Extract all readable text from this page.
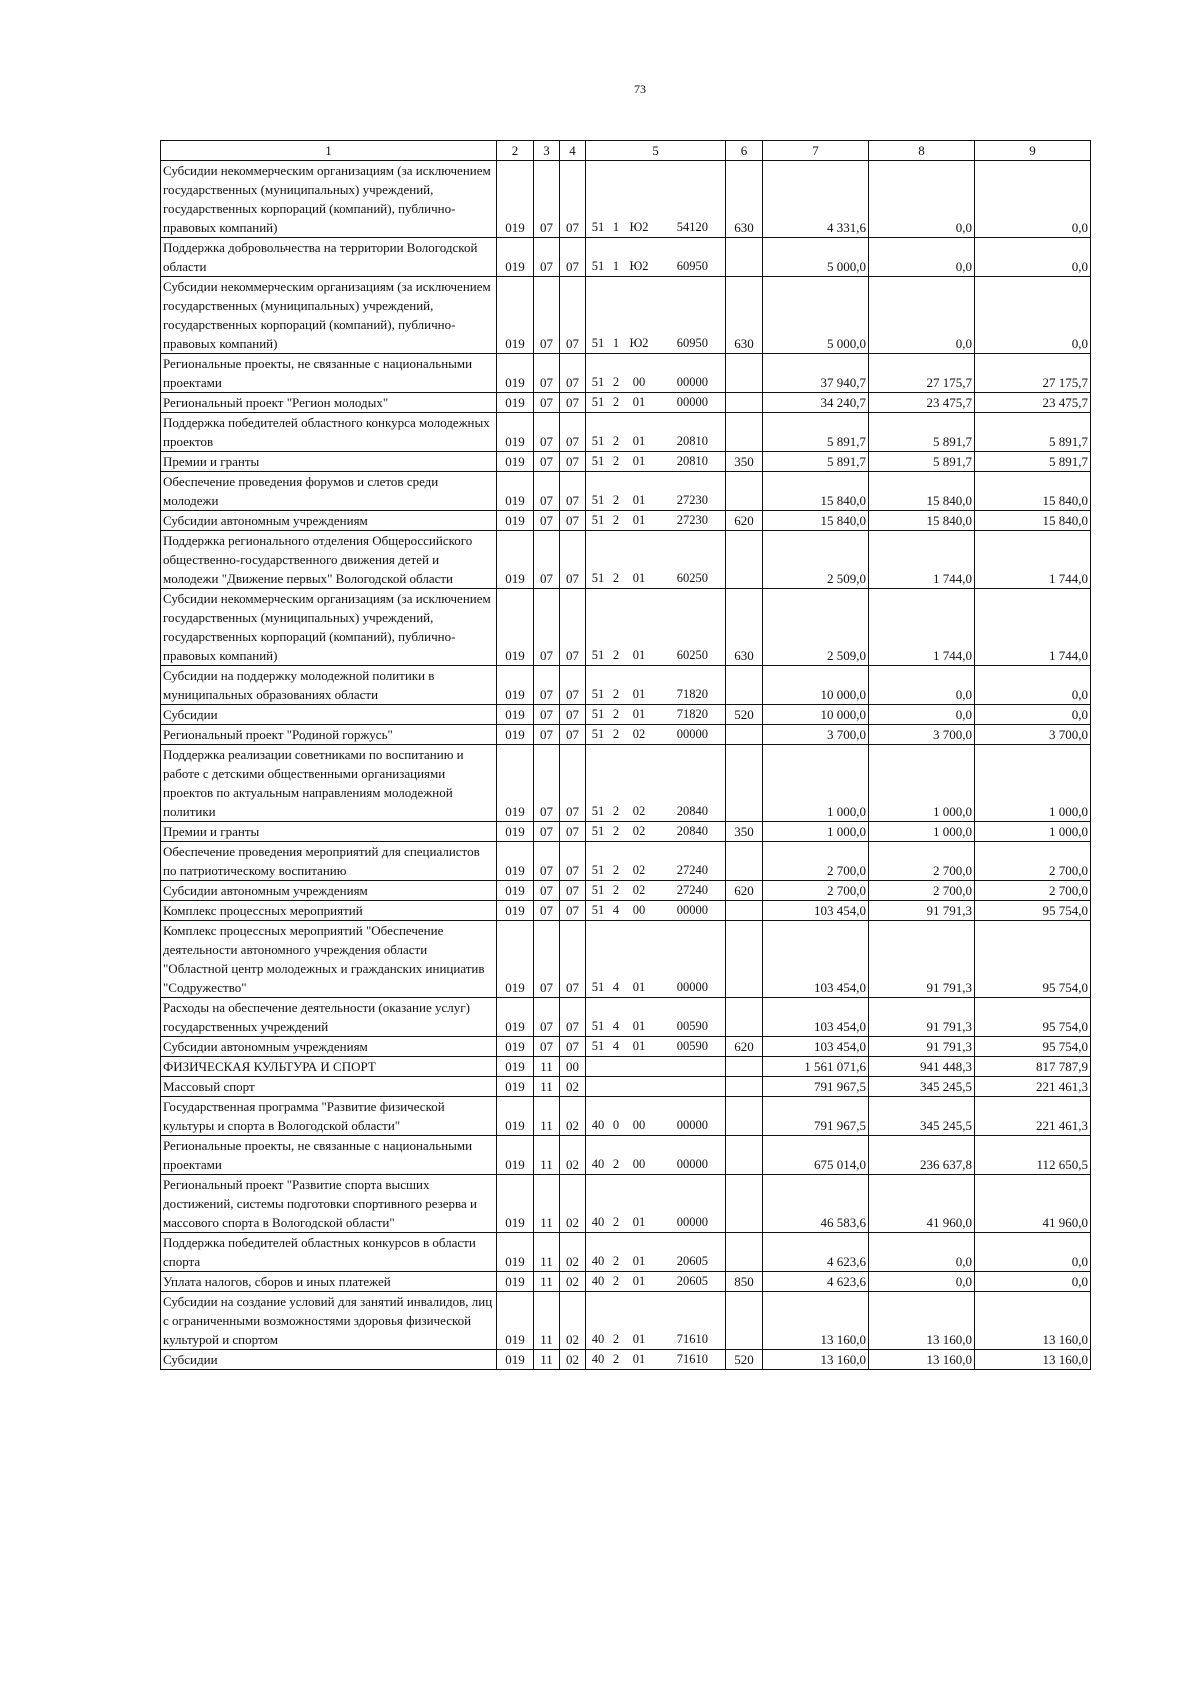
73
1	2	3	4	5	6	7	8	9
Субсидии некоммерческим организациям (за исключением государственных (муниципальных) учреждений, государственных корпораций (компаний), публично-правовых компаний)	019	07	07	51 1 Ю2 54120	630	4 331,6	0,0	0,0
Поддержка добровольчества на территории Вологодской области	019	07	07	51 1 Ю2 60950		5 000,0	0,0	0,0
Субсидии некоммерческим организациям (за исключением государственных (муниципальных) учреждений, государственных корпораций (компаний), публично-правовых компаний)	019	07	07	51 1 Ю2 60950	630	5 000,0	0,0	0,0
Региональные проекты, не связанные с национальными проектами	019	07	07	51 2 00 00000		37 940,7	27 175,7	27 175,7
Региональный проект "Регион молодых"	019	07	07	51 2 01 00000		34 240,7	23 475,7	23 475,7
Поддержка победителей областного конкурса молодежных проектов	019	07	07	51 2 01 20810		5 891,7	5 891,7	5 891,7
Премии и гранты	019	07	07	51 2 01 20810	350	5 891,7	5 891,7	5 891,7
Обеспечение проведения форумов и слетов среди молодежи	019	07	07	51 2 01 27230		15 840,0	15 840,0	15 840,0
Субсидии автономным учреждениям	019	07	07	51 2 01 27230	620	15 840,0	15 840,0	15 840,0
Поддержка регионального отделения Общероссийского общественно-государственного движения детей и молодежи "Движение первых" Вологодской области	019	07	07	51 2 01 60250		2 509,0	1 744,0	1 744,0
Субсидии некоммерческим организациям (за исключением государственных (муниципальных) учреждений, государственных корпораций (компаний), публично-правовых компаний)	019	07	07	51 2 01 60250	630	2 509,0	1 744,0	1 744,0
Субсидии на поддержку молодежной политики в муниципальных образованиях области	019	07	07	51 2 01 71820		10 000,0	0,0	0,0
Субсидии	019	07	07	51 2 01 71820	520	10 000,0	0,0	0,0
Региональный проект "Родиной горжусь"	019	07	07	51 2 02 00000		3 700,0	3 700,0	3 700,0
Поддержка реализации советниками по воспитанию и работе с детскими общественными организациями проектов по актуальным направлениям молодежной политики	019	07	07	51 2 02 20840		1 000,0	1 000,0	1 000,0
Премии и гранты	019	07	07	51 2 02 20840	350	1 000,0	1 000,0	1 000,0
Обеспечение проведения мероприятий для специалистов по патриотическому воспитанию	019	07	07	51 2 02 27240		2 700,0	2 700,0	2 700,0
Субсидии автономным учреждениям	019	07	07	51 2 02 27240	620	2 700,0	2 700,0	2 700,0
Комплекс процессных мероприятий	019	07	07	51 4 00 00000		103 454,0	91 791,3	95 754,0
Комплекс процессных мероприятий "Обеспечение деятельности автономного учреждения области "Областной центр молодежных и гражданских инициатив "Содружество"	019	07	07	51 4 01 00000		103 454,0	91 791,3	95 754,0
Расходы на обеспечение деятельности (оказание услуг) государственных учреждений	019	07	07	51 4 01 00590		103 454,0	91 791,3	95 754,0
Субсидии автономным учреждениям	019	07	07	51 4 01 00590	620	103 454,0	91 791,3	95 754,0
ФИЗИЧЕСКАЯ КУЛЬТУРА И СПОРТ	019	11	00			1 561 071,6	941 448,3	817 787,9
Массовый спорт	019	11	02			791 967,5	345 245,5	221 461,3
Государственная программа "Развитие физической культуры и спорта в Вологодской области"	019	11	02	40 0 00 00000		791 967,5	345 245,5	221 461,3
Региональные проекты, не связанные с национальными проектами	019	11	02	40 2 00 00000		675 014,0	236 637,8	112 650,5
Региональный проект "Развитие спорта высших достижений, системы подготовки спортивного резерва и массового спорта в Вологодской области"	019	11	02	40 2 01 00000		46 583,6	41 960,0	41 960,0
Поддержка победителей областных конкурсов в области спорта	019	11	02	40 2 01 20605		4 623,6	0,0	0,0
Уплата налогов, сборов и иных платежей	019	11	02	40 2 01 20605	850	4 623,6	0,0	0,0
Субсидии на создание условий для занятий инвалидов, лиц с ограниченными возможностями здоровья физической культурой и спортом	019	11	02	40 2 01 71610		13 160,0	13 160,0	13 160,0
Субсидии	019	11	02	40 2 01 71610	520	13 160,0	13 160,0	13 160,0
